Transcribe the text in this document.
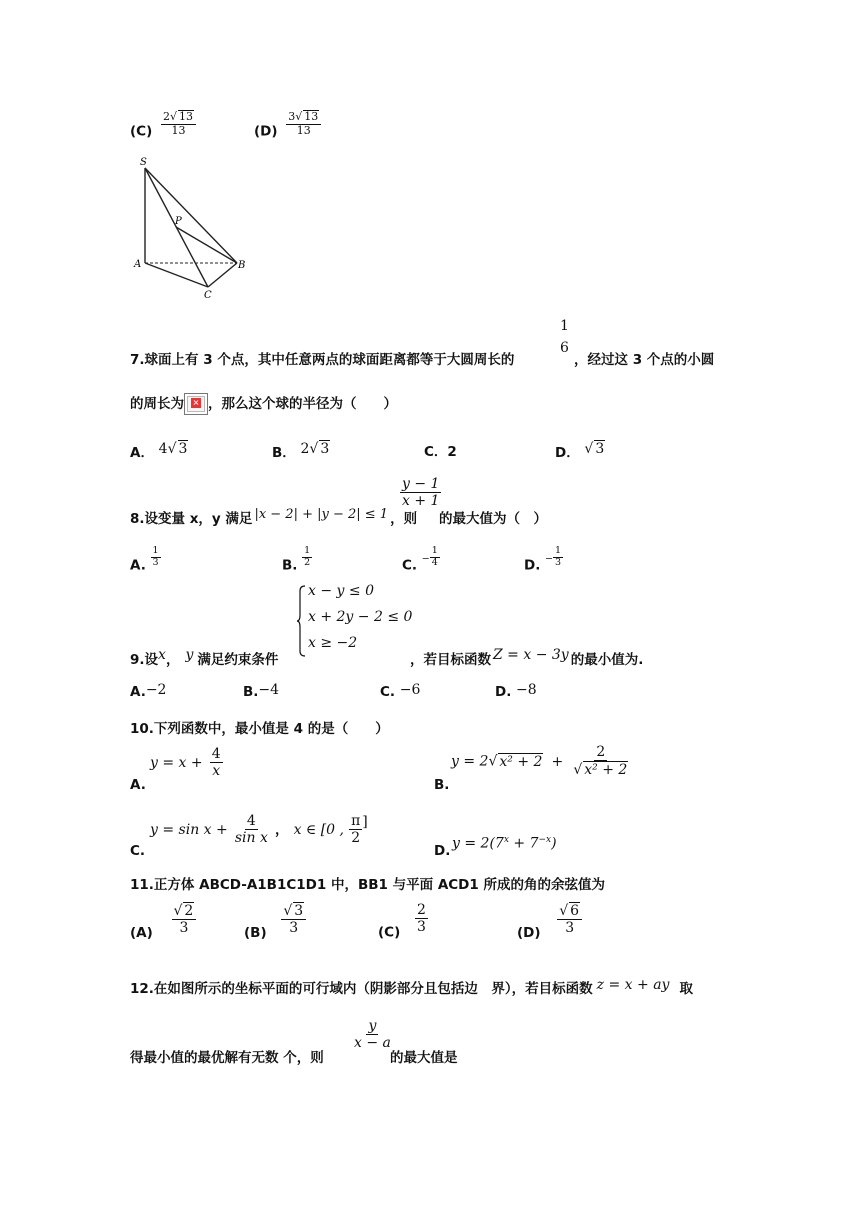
$(C) \frac{2√ 13}{13}$	$(D) \frac{3√ 13}{13}$
S
P
A	B
C
7.球面上有 3 个点，其中任意两点的球面距离都等于大圆周长的
1
6
，经过这 3 个点的小圆
的周长为 × ，那么这个球的半径为（　　）
A． 4√ 3	B． 2√ 3	C．2	D． √ 3
8.设变量 x，y 满足 |x − 2| + |y − 2| ≤ 1 ，则
$\frac{y - 1}{x + 1}$
的最大值为（　）
A. $\frac{1}{3}$	B. $\frac{1}{2}$	C. − $\frac{1}{4}$	D. − $\frac{1}{3}$
9.设x， y 满足约束条件
x − y ≤ 0
x + 2y − 2 ≤ 0
x ≥ −2
，若目标函数 Z = x − 3y 的最小值为.
A.−2	B.−4	C. −6	D. −8
10.下列函数中，最小值是 4 的是（　　）
A.
$y = x + \frac{4}{x}$
B.
y = 2√ $x^2 + 2 + \frac{2}{\text{√ x² + 2}}$
C.
$y = \sin x + \frac{4}{\text{sin x}}$ ， x ∈ [0 , $\frac{\pi}{2}$ ]
D. $y = 2(7^x + 7^{-x})$
11.正方体 ABCD-A1B1C1D1 中，BB1 与平面 ACD1 所成的角的余弦值为
$(A) \frac{√ 2}{3}$	$(B) \frac{√ 3}{3}$	$(C) \frac{2}{3}$	$(D) \frac{√ 6}{3}$
12.在如图所示的坐标平面的可行域内（阴影部分且包括边　界），若目标函数 z = x + ay 取
得最小值的最优解有无数 个，则
$\frac{y}{x - a}$
的最大值是
